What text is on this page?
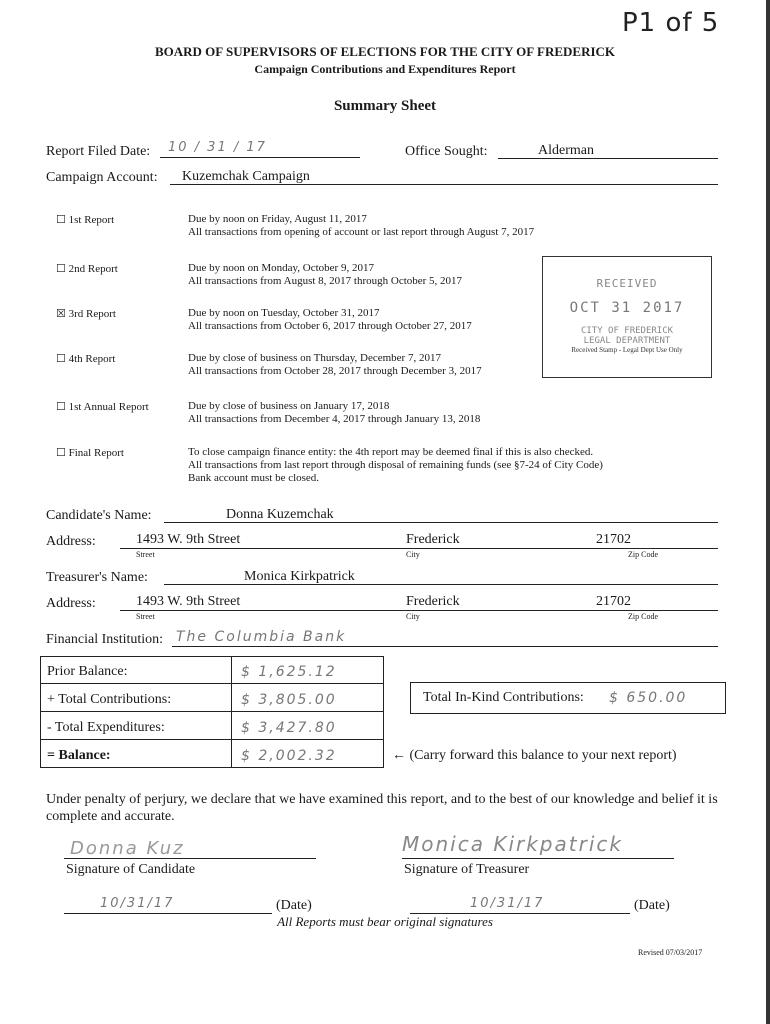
P1 of 5
BOARD OF SUPERVISORS OF ELECTIONS FOR THE CITY OF FREDERICK
Campaign Contributions and Expenditures Report
Summary Sheet
Report Filed Date:	10 / 31 / 17	Office Sought:	Alderman
Campaign Account:	Kuzemchak Campaign
☐ 1st Report	Due by noon on Friday, August 11, 2017
All transactions from opening of account or last report through August 7, 2017
☐ 2nd Report	Due by noon on Monday, October 9, 2017
All transactions from August 8, 2017 through October 5, 2017
☒ 3rd Report	Due by noon on Tuesday, October 31, 2017
All transactions from October 6, 2017 through October 27, 2017
☐ 4th Report	Due by close of business on Thursday, December 7, 2017
All transactions from October 28, 2017 through December 3, 2017
☐ 1st Annual Report	Due by close of business on January 17, 2018
All transactions from December 4, 2017 through January 13, 2018
☐ Final Report	To close campaign finance entity: the 4th report may be deemed final if this is also checked.
All transactions from last report through disposal of remaining funds (see §7-24 of City Code)
Bank account must be closed.
RECEIVED
OCT 31 2017
CITY OF FREDERICK
LEGAL DEPARTMENT
Received Stamp - Legal Dept Use Only
Candidate's Name:	Donna Kuzemchak
Address:	1493 W. 9th Street	Frederick	21702
Street	City	Zip Code
Treasurer's Name:	Monica Kirkpatrick
Address:	1493 W. 9th Street	Frederick	21702
Street	City	Zip Code
Financial Institution: The Columbia Bank
Prior Balance:	$ 1,625.12
+ Total Contributions:	$ 3,805.00
- Total Expenditures:	$ 3,427.80
= Balance:	$ 2,002.32
Total In-Kind Contributions: $ 650.00
← (Carry forward this balance to your next report)
Under penalty of perjury, we declare that we have examined this report, and to the best of our knowledge and belief it is complete and accurate.
Donna Kuz
Signature of Candidate
Monica Kirkpatrick
Signature of Treasurer
10/31/17	(Date)	10/31/17	(Date)
All Reports must bear original signatures
Revised 07/03/2017
